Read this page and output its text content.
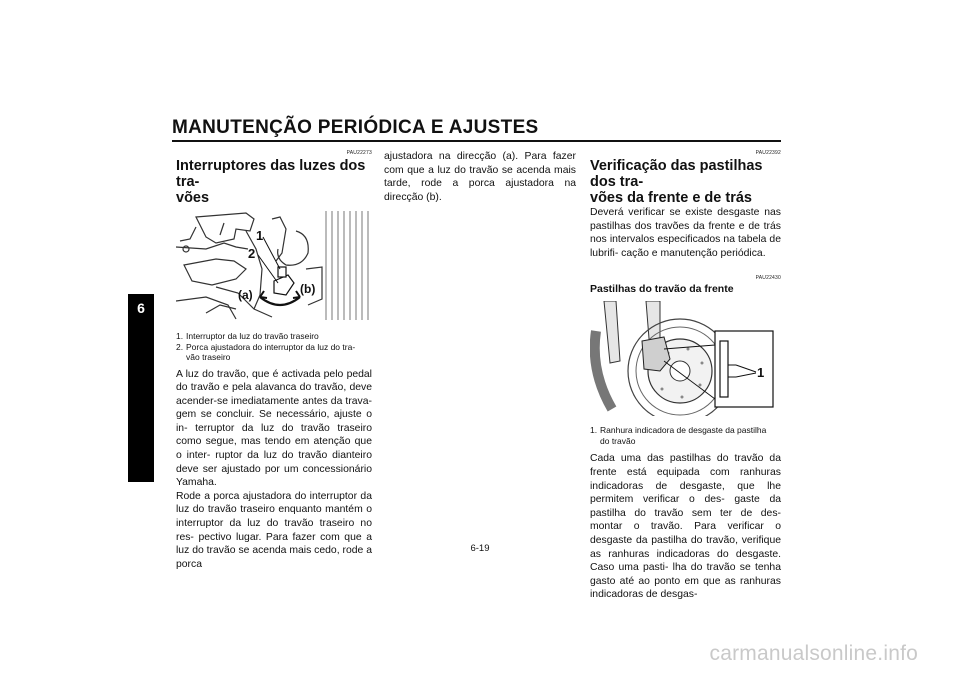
MANUTENÇÃO PERIÓDICA E AJUSTES
6
PAU22273
Interruptores das luzes dos tra-
vões
1
2
(a)	(b)
1. Interruptor da luz do travão traseiro
2. Porca ajustadora do interruptor da luz do tra-
vão traseiro

A luz do travão, que é activada pelo pedal do travão e pela alavanca do travão, deve acender-se imediatamente antes da trava- gem se concluir. Se necessário, ajuste o in- terruptor da luz do travão traseiro como segue, mas tendo em atenção que o inter- ruptor da luz do travão dianteiro deve ser ajustado por um concessionário Yamaha.

Rode a porca ajustadora do interruptor da luz do travão traseiro enquanto mantém o interruptor da luz do travão traseiro no res- pectivo lugar. Para fazer com que a luz do travão se acenda mais cedo, rode a porca

ajustadora na direcção (a). Para fazer com que a luz do travão se acenda mais tarde, rode a porca ajustadora na direcção (b).

PAU22392
Verificação das pastilhas dos tra-
vões da frente e de trás

Deverá verificar se existe desgaste nas pastilhas dos travões da frente e de trás nos intervalos especificados na tabela de lubrifi- cação e manutenção periódica.

PAU22430
Pastilhas do travão da frente
1
1. Ranhura indicadora de desgaste da pastilha
do travão

Cada uma das pastilhas do travão da frente está equipada com ranhuras indicadoras de desgaste, que lhe permitem verificar o des- gaste da pastilha do travão sem ter de des- montar o travão. Para verificar o desgaste da pastilha do travão, verifique as ranhuras indicadoras do desgaste. Caso uma pasti- lha do travão se tenha gasto até ao ponto em que as ranhuras indicadoras de desgas-

6-19
carmanualsonline.info
